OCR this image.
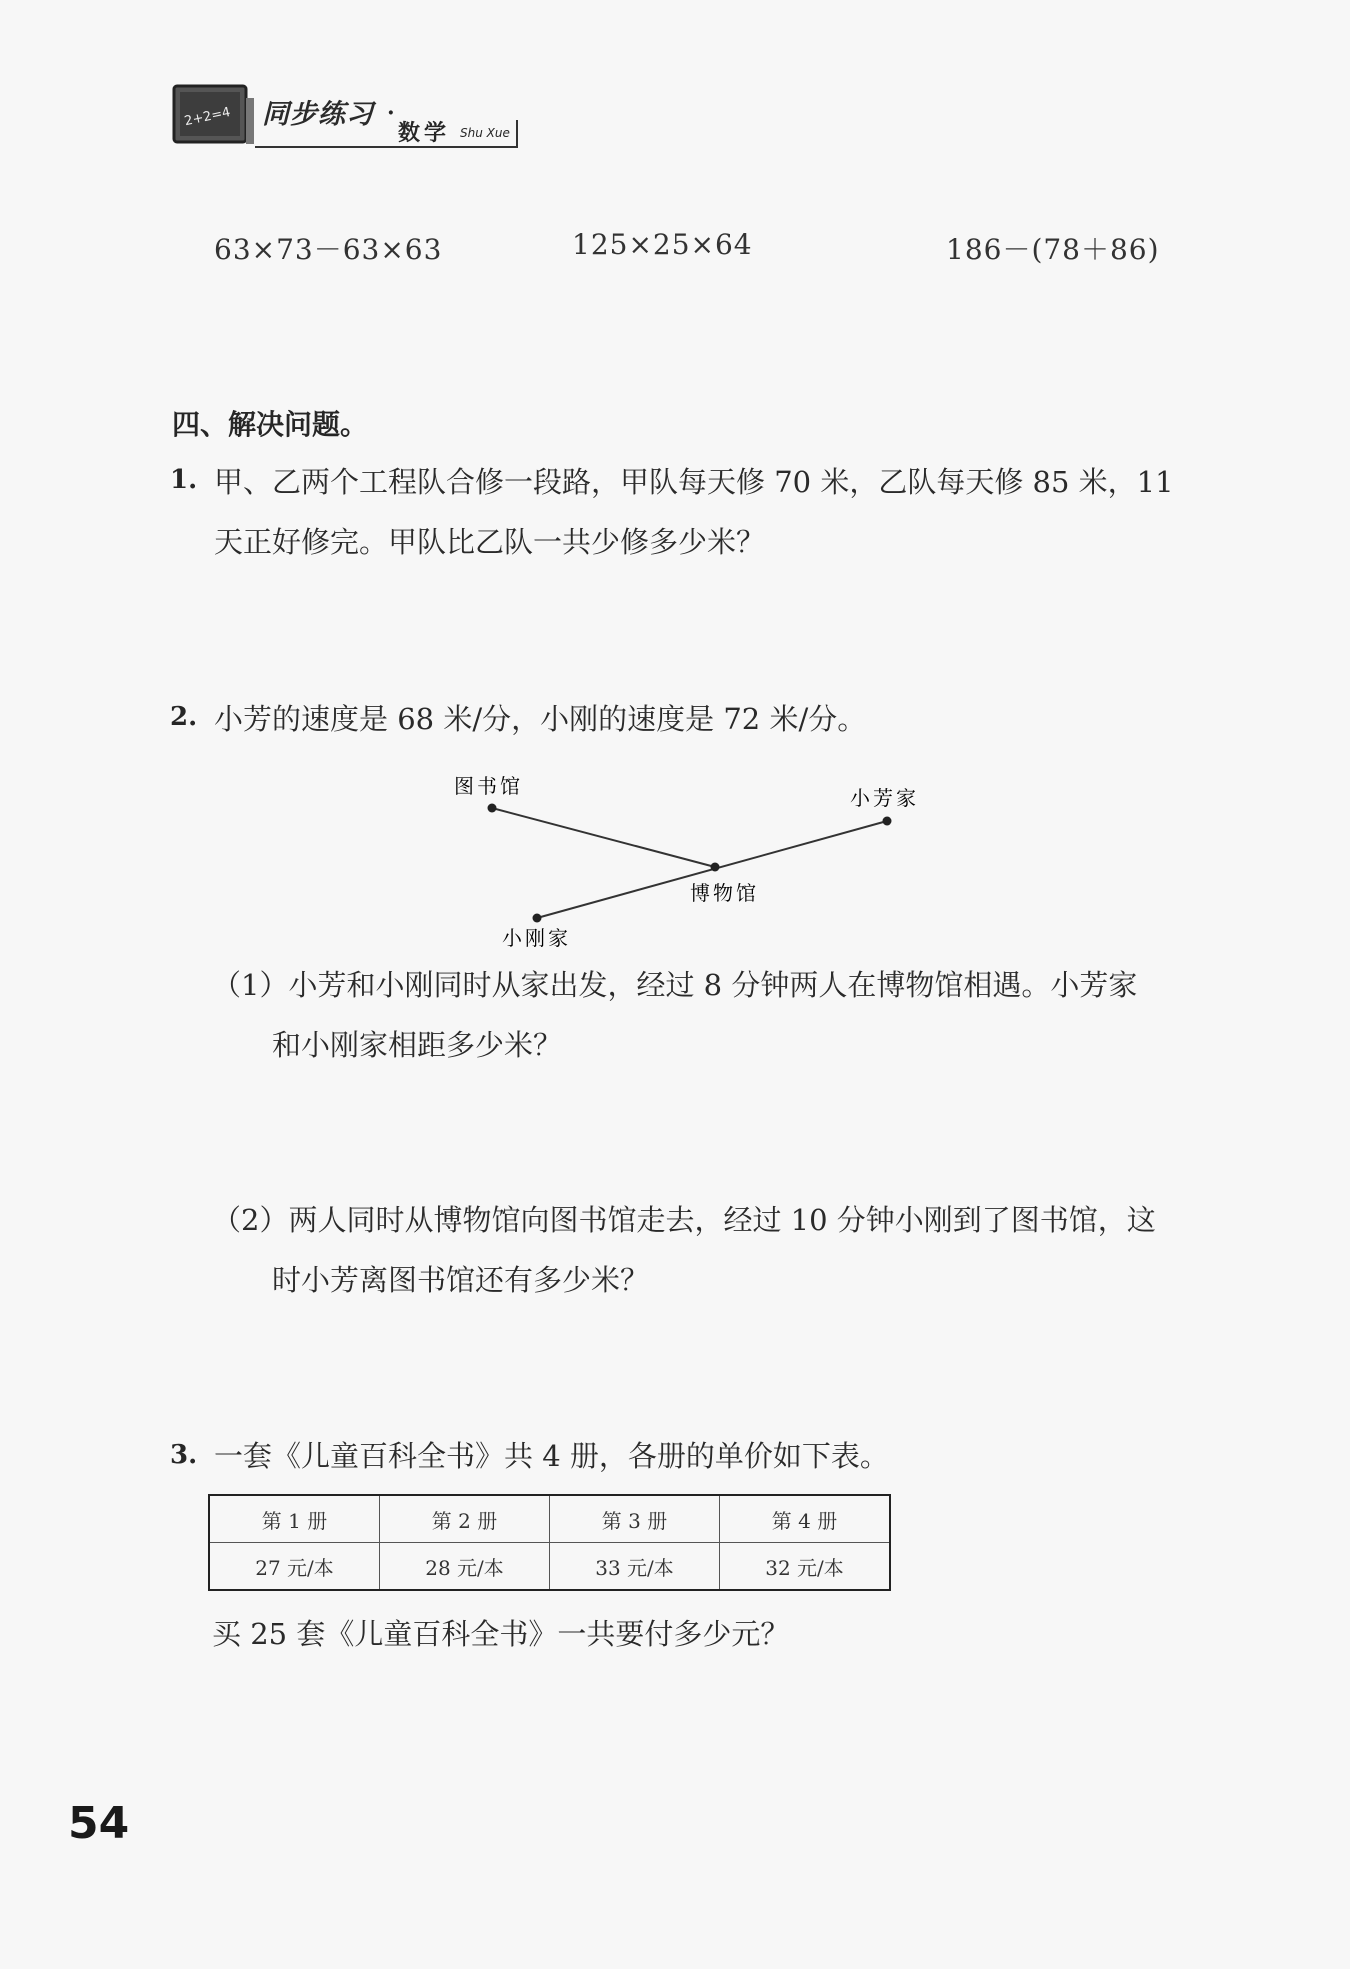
2+2=4 同步练习 ·
数学 Shu Xue
63×73－63×63	125×25×64	186－(78＋86)
四、解决问题。
1. 甲、乙两个工程队合修一段路，甲队每天修 70 米，乙队每天修 85 米，11
天正好修完。甲队比乙队一共少修多少米？
2. 小芳的速度是 68 米/分，小刚的速度是 72 米/分。
图书馆	小芳家
博物馆
小刚家
（1）小芳和小刚同时从家出发，经过 8 分钟两人在博物馆相遇。小芳家
和小刚家相距多少米？
（2）两人同时从博物馆向图书馆走去，经过 10 分钟小刚到了图书馆，这
时小芳离图书馆还有多少米？
3. 一套《儿童百科全书》共 4 册，各册的单价如下表。
第 1 册	第 2 册	第 3 册	第 4 册
27 元/本	28 元/本	33 元/本	32 元/本
买 25 套《儿童百科全书》一共要付多少元？
54
